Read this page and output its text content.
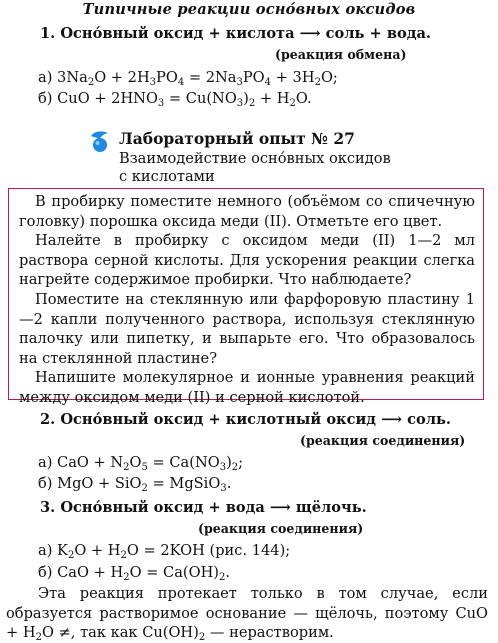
Типичные реакции осно́вных оксидов
1. Осно́вный оксид + кислота ⟶ соль + вода.
(реакция обмена)
а) $3Na_2O + 2H_3PO_4 = 2Na_3PO_4 + 3H_2O$;
б) CuO + $2HNO_3 = Cu(NO_3)_2 + H_2O$.
Лабораторный опыт № 27
Взаимодействие осно́вных оксидов
с кислотами

В пробирку поместите немного (объёмом со спичечную головку) порошка оксида меди (II). Отметьте его цвет.

Налейте в пробирку с оксидом меди (II) 1—2 мл раствора серной кислоты. Для ускорения реакции слегка нагрейте содержимое пробирки. Что наблюдаете?

Поместите на стеклянную или фарфоровую пластину 1—2 капли полученного раствора, используя стеклянную палочку или пипетку, и выпарьте его. Что образовалось на стеклянной пластине?

Напишите молекулярное и ионные уравнения реакций между оксидом меди (II) и серной кислотой.

2. Осно́вный оксид + кислотный оксид ⟶ соль.
(реакция соединения)
а) CaO + $N_2O_5 = Ca(NO_3)_2$;
б) MgO + SiO$_2$ = MgSiO$_3$.
3. Осно́вный оксид + вода ⟶ щёлочь.
(реакция соединения)
а) $K_2O + H_2O = 2KOH$ (рис. 144);
б) CaO + $H_2O = Ca(OH)_2$.

Эта реакция протекает только в том случае, если образуется растворимое основание — щёлочь, поэтому CuO + $H_2O$ ≠, так как $Cu(OH)_2$ — нерастворим.
